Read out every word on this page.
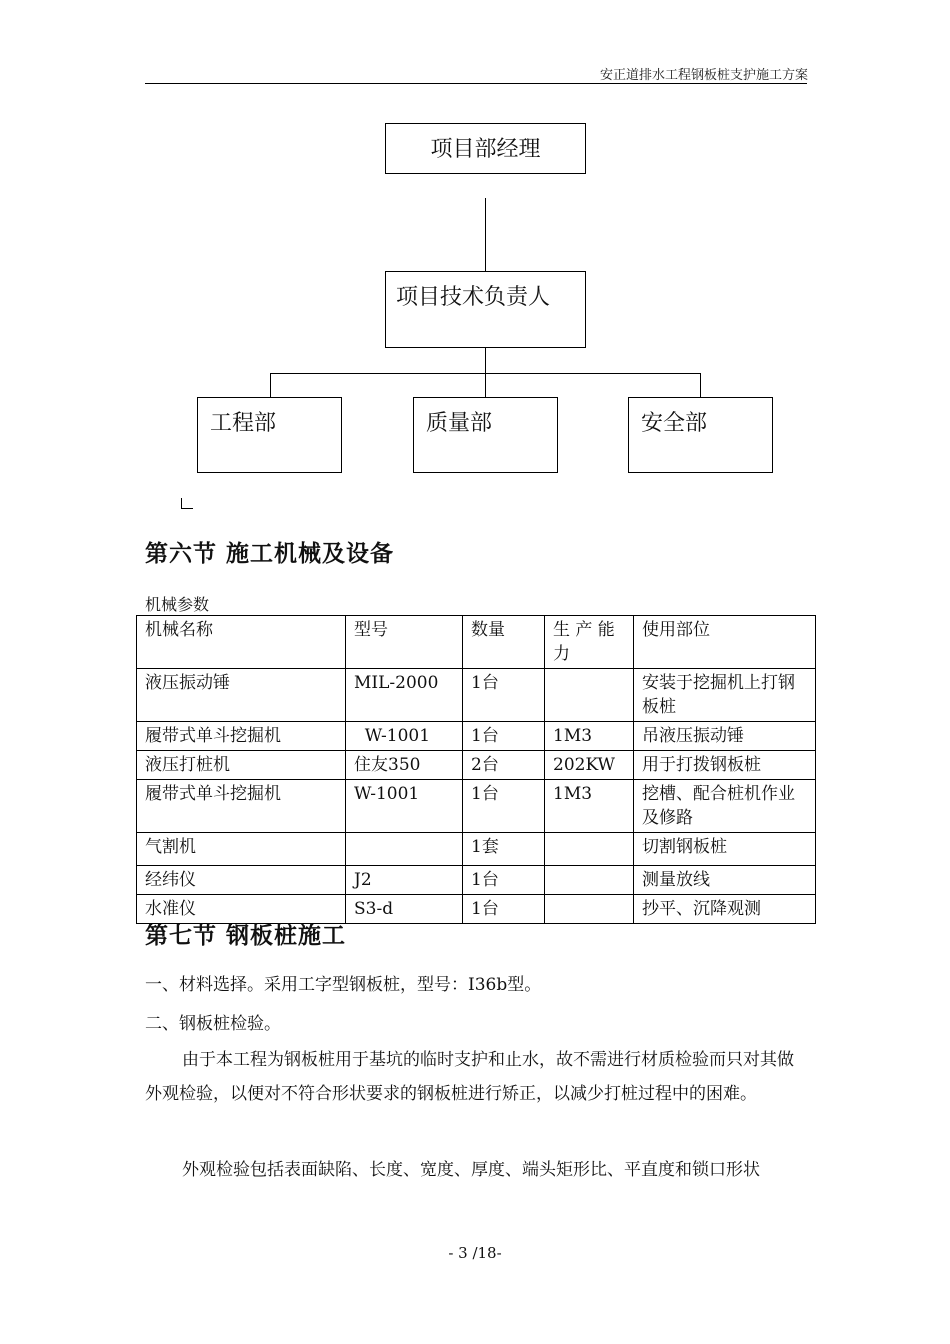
安正道排水工程钢板桩支护施工方案
项目部经理
项目技术负责人
工程部	质量部	安全部
第六节 施工机械及设备
机械参数
机械名称	型号	数量	生 产 能力	使用部位
液压振动锤	MIL-2000	1台		安装于挖掘机上打钢板桩
履带式单斗挖掘机	W-1001	1台	1M3	吊液压振动锤
液压打桩机	住友350	2台	202KW	用于打拨钢板桩
履带式单斗挖掘机	W-1001	1台	1M3	挖槽、配合桩机作业及修路
气割机		1套		切割钢板桩
经纬仪	J2	1台		测量放线
水准仪	S3-d	1台		抄平、沉降观测
第七节 钢板桩施工

一、材料选择。采用工字型钢板桩，型号：I36b型。

二、钢板桩检验。

由于本工程为钢板桩用于基坑的临时支护和止水，故不需进行材质检验而只对其做外观检验，以便对不符合形状要求的钢板桩进行矫正，以减少打桩过程中的困难。

外观检验包括表面缺陷、长度、宽度、厚度、端头矩形比、平直度和锁口形状

- 3 /18-
